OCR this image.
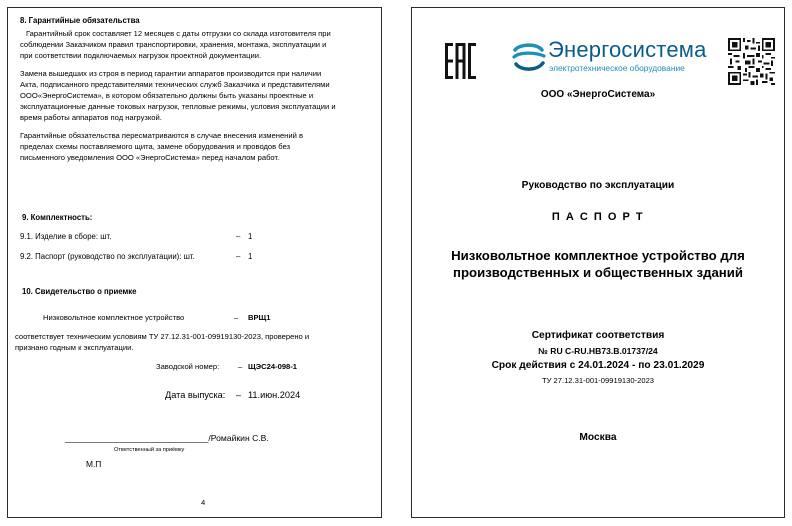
8. Гарантийные обязательства

Гарантийный срок составляет 12 месяцев с даты отгрузки со склада изготовителя при
соблюдении Заказчиком правил транспортировки, хранения, монтажа, эксплуатации и
при соответствии подключаемых нагрузок проектной документации.

Замена вышедших из строя в период гарантии аппаратов производится при наличии
Акта, подписанного представителями технических служб Заказчика и представителями
ООО«ЭнергоСистема», в котором обязательно должны быть указаны проектные и
эксплуатационные данные токовых нагрузок, тепловые режимы, условия эксплуатации и
время работы аппаратов под нагрузкой.

Гарантийные обязательства пересматриваются в случае внесения изменений в
пределах схемы поставляемого щита, замене оборудования и проводов без
письменного уведомления ООО «ЭнергоСистема» перед началом работ.

9. Комплектность:
9.1. Изделие в сборе: шт.	– 1
9.2. Паспорт (руководство по эксплуатации): шт.	– 1
10. Свидетельство о приемке
Низковольтное комплектное устройство	– ВРЩ1

соответствует техническим условиям ТУ 27.12.31-001-09919130-2023, проверено и
признано годным к эксплуатации.

Заводской номер: – ЩЭС24-098-1
Дата выпуска: – 11.июн.2024
______________________________/Ромайкин С.В.
Ответственный за приёмку
М.П
4
Энергосистема
электротехническое оборудование
ООО «ЭнергоСистема»
Руководство по эксплуатации
П А С П О Р Т
Низковольтное комплектное устройство для
производственных и общественных зданий
Сертификат соответствия
№ RU C-RU.НВ73.В.01737/24
Срок действия с 24.01.2024 - по 23.01.2029
ТУ 27.12.31-001-09919130-2023
Москва
